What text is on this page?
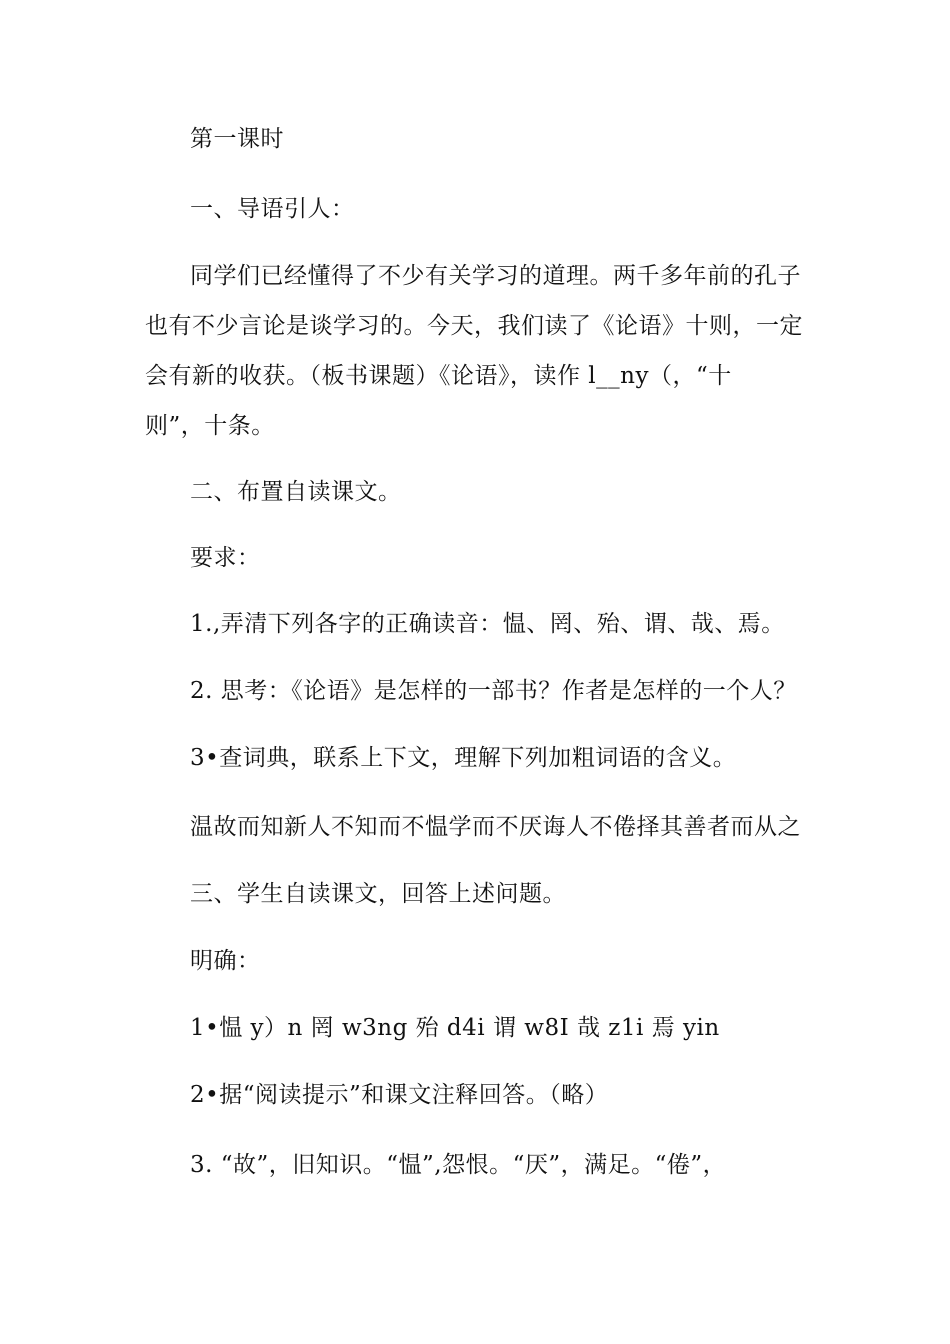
第一课时
一、导语引人：
同学们已经懂得了不少有关学习的道理。两千多年前的孔子
也有不少言论是谈学习的。今天，我们读了《论语》十则，一定
会有新的收获。（板书课题）《论语》，读作 l__ny（，“十
则”，十条。
二、布置自读课文。
要求：
1.,弄清下列各字的正确读音：愠、罔、殆、谓、哉、焉。
2. 思考：《论语》是怎样的一部书？作者是怎样的一个人？
3•查词典，联系上下文，理解下列加粗词语的含义。
温故而知新人不知而不愠学而不厌诲人不倦择其善者而从之
三、学生自读课文，回答上述问题。
明确：
1•愠 y）n 罔 w3ng 殆 d4i 谓 w8I 哉 z1i 焉 yin
2•据“阅读提示”和课文注释回答。（略）
3. “故”，旧知识。“愠”,怨恨。“厌”，满足。“倦”，
